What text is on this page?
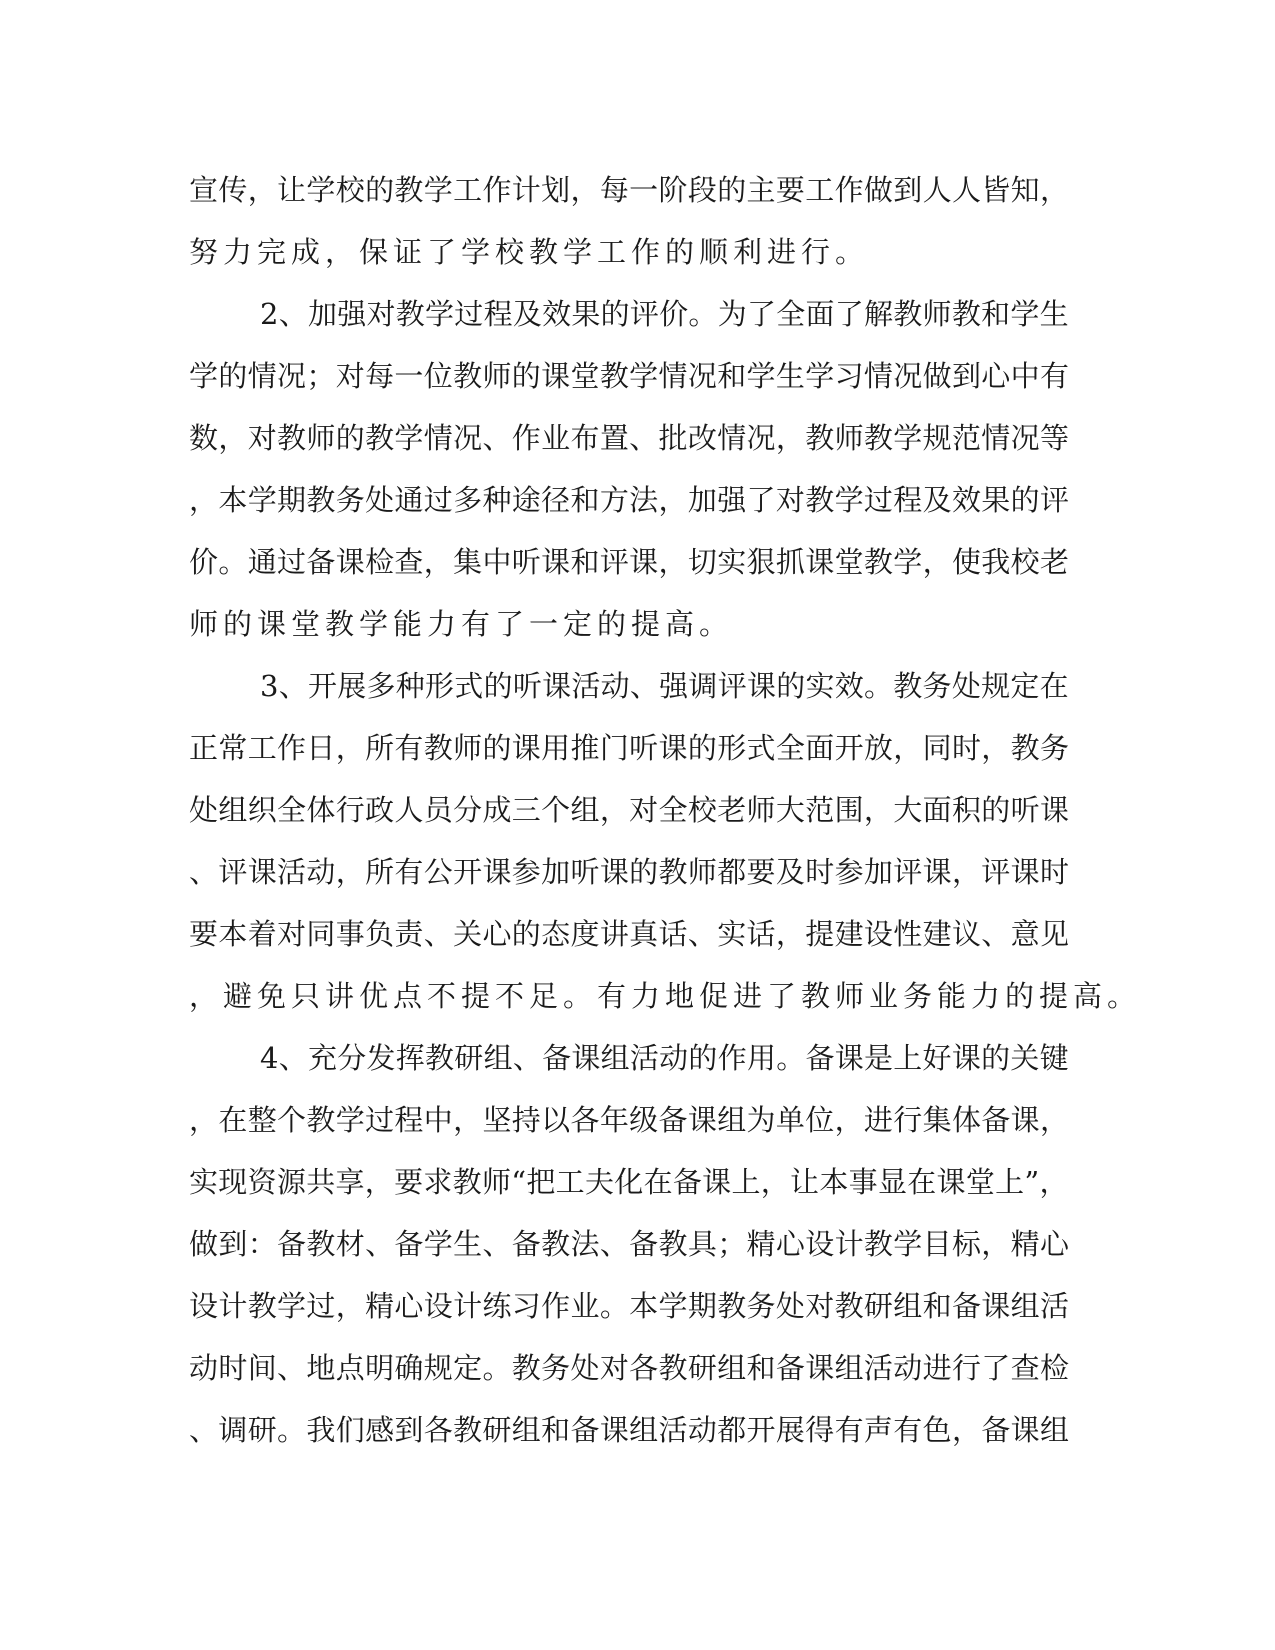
宣 传 ， 让 学 校 的 教 学 工 作 计 划 ， 每 一 阶 段 的 主 要 工 作 做 到 人 人 皆 知 ，
努力完成，保证了学校教学工作的顺利进行。
2 、 加 强 对 教 学 过 程 及 效 果 的 评 价 。 为 了 全 面 了 解 教 师 教 和 学 生
学 的 情 况 ； 对 每 一 位 教 师 的 课 堂 教 学 情 况 和 学 生 学 习 情 况 做 到 心 中 有
数 ， 对 教 师 的 教 学 情 况 、 作 业 布 置 、 批 改 情 况 ， 教 师 教 学 规 范 情 况 等
， 本 学 期 教 务 处 通 过 多 种 途 径 和 方 法 ， 加 强 了 对 教 学 过 程 及 效 果 的 评
价 。 通 过 备 课 检 查 ， 集 中 听 课 和 评 课 ， 切 实 狠 抓 课 堂 教 学 ， 使 我 校 老
师的课堂教学能力有了一定的提高。
3 、 开 展 多 种 形 式 的 听 课 活 动 、 强 调 评 课 的 实 效 。 教 务 处 规 定 在
正 常 工 作 日 ， 所 有 教 师 的 课 用 推 门 听 课 的 形 式 全 面 开 放 ， 同 时 ， 教 务
处 组 织 全 体 行 政 人 员 分 成 三 个 组 ， 对 全 校 老 师 大 范 围 ， 大 面 积 的 听 课
、 评 课 活 动 ， 所 有 公 开 课 参 加 听 课 的 教 师 都 要 及 时 参 加 评 课 ， 评 课 时
要 本 着 对 同 事 负 责 、 关 心 的 态 度 讲 真 话 、 实 话 ， 提 建 设 性 建 议 、 意 见
，避免只讲优点不提不足。有力地促进了教师业务能力的提高。
4 、 充 分 发 挥 教 研 组 、 备 课 组 活 动 的 作 用 。 备 课 是 上 好 课 的 关 键
， 在 整 个 教 学 过 程 中 ， 坚 持 以 各 年 级 备 课 组 为 单 位 ， 进 行 集 体 备 课 ，
实 现 资 源 共 享 ， 要 求 教 师 “ 把 工 夫 化 在 备 课 上 ， 让 本 事 显 在 课 堂 上 ” ，
做 到 ： 备 教 材 、 备 学 生 、 备 教 法 、 备 教 具 ； 精 心 设 计 教 学 目 标 ， 精 心
设 计 教 学 过 ， 精 心 设 计 练 习 作 业 。 本 学 期 教 务 处 对 教 研 组 和 备 课 组 活
动 时 间 、 地 点 明 确 规 定 。 教 务 处 对 各 教 研 组 和 备 课 组 活 动 进 行 了 查 检
、 调 研 。 我 们 感 到 各 教 研 组 和 备 课 组 活 动 都 开 展 得 有 声 有 色 ， 备 课 组
